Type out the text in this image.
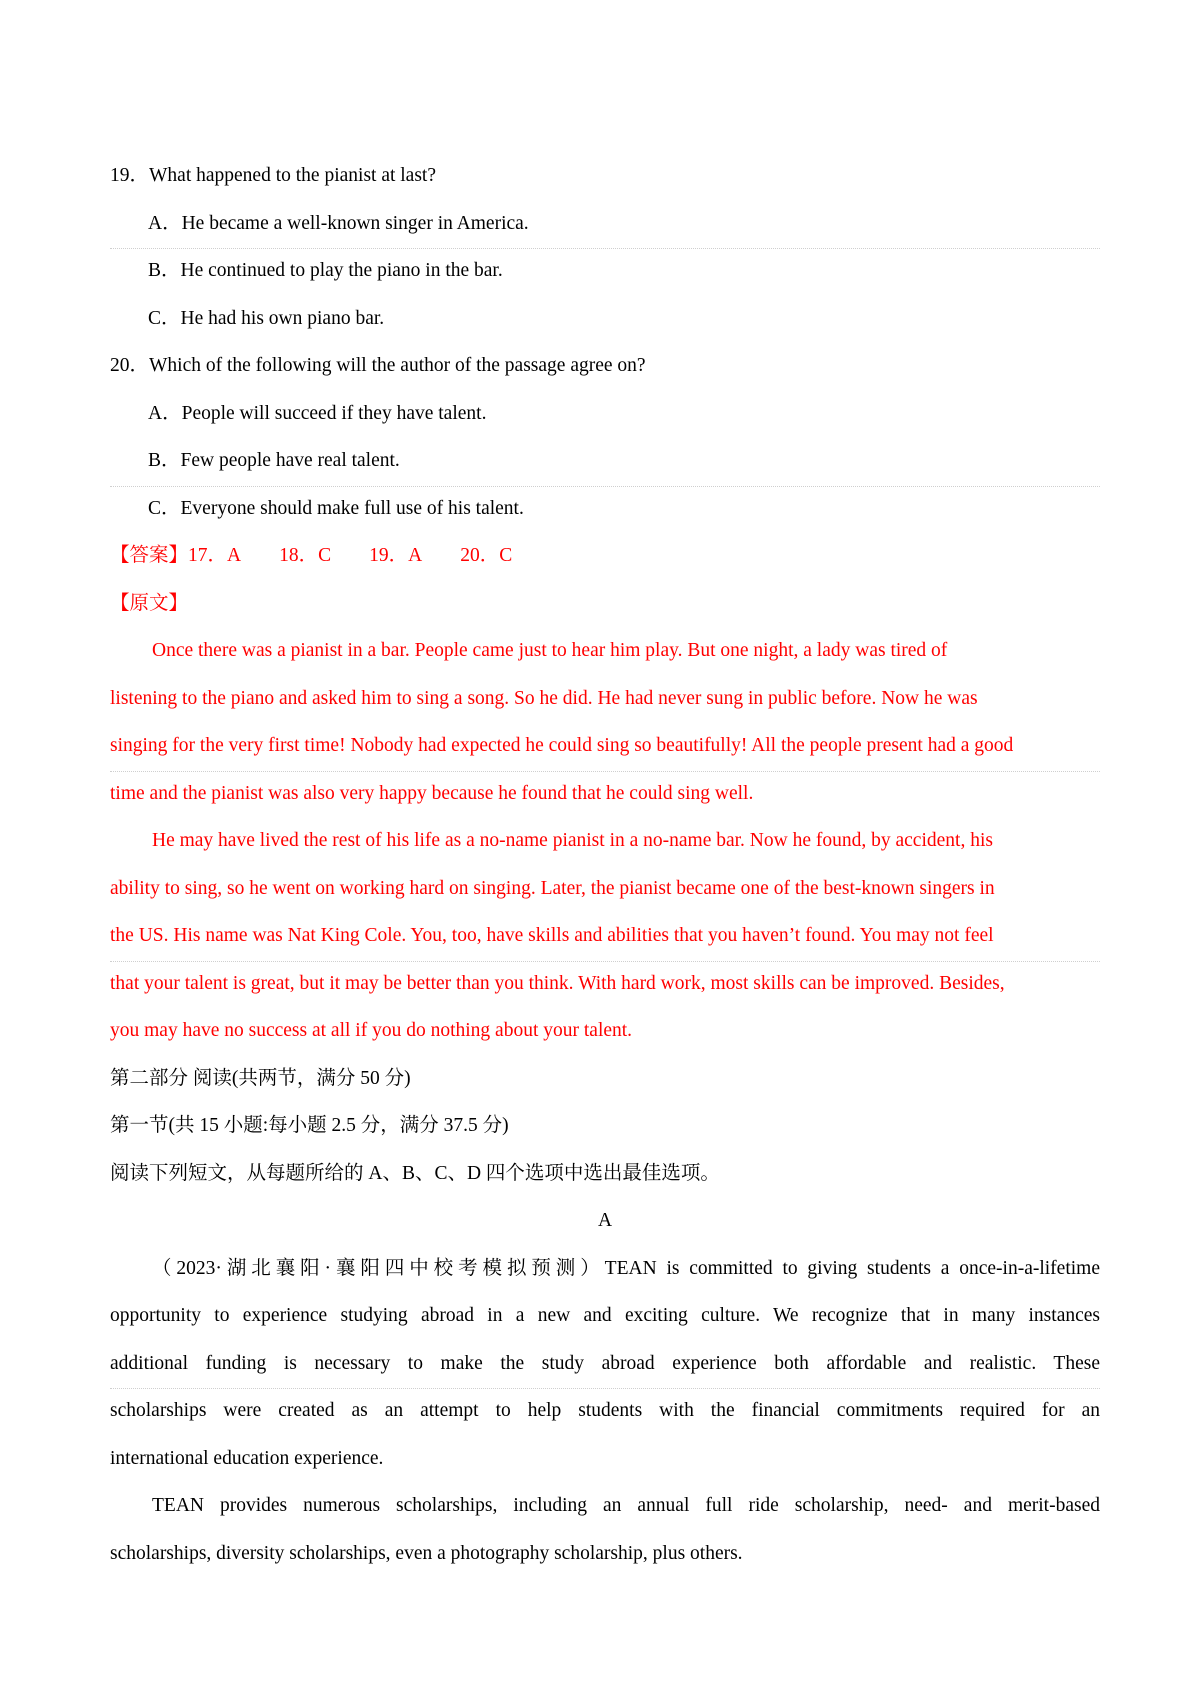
19．What happened to the pianist at last?
A．He became a well-known singer in America.
B．He continued to play the piano in the bar.
C．He had his own piano bar.
20．Which of the following will the author of the passage agree on?
A．People will succeed if they have talent.
B．Few people have real talent.
C．Everyone should make full use of his talent.
【答案】17．A 18．C 19．A 20．C
【原文】
Once there was a pianist in a bar. People came just to hear him play. But one night, a lady was tired of
listening to the piano and asked him to sing a song. So he did. He had never sung in public before. Now he was
singing for the very first time! Nobody had expected he could sing so beautifully! All the people present had a good
time and the pianist was also very happy because he found that he could sing well.
He may have lived the rest of his life as a no-name pianist in a no-name bar. Now he found, by accident, his
ability to sing, so he went on working hard on singing. Later, the pianist became one of the best-known singers in
the US. His name was Nat King Cole. You, too, have skills and abilities that you haven’t found. You may not feel
that your talent is great, but it may be better than you think. With hard work, most skills can be improved. Besides,
you may have no success at all if you do nothing about your talent.
第二部分 阅读(共两节，满分 50 分)
第一节(共 15 小题:每小题 2.5 分，满分 37.5 分)
阅读下列短文，从每题所给的 A、B、C、D 四个选项中选出最佳选项。
A
（2023·湖北襄阳·襄阳四中校考模拟预测）TEAN is committed to giving students a once-in-a-lifetime
opportunity to experience studying abroad in a new and exciting culture. We recognize that in many instances
additional funding is necessary to make the study abroad experience both affordable and realistic. These
scholarships were created as an attempt to help students with the financial commitments required for an
international education experience.
TEAN provides numerous scholarships, including an annual full ride scholarship, need- and merit-based
scholarships, diversity scholarships, even a photography scholarship, plus others.
